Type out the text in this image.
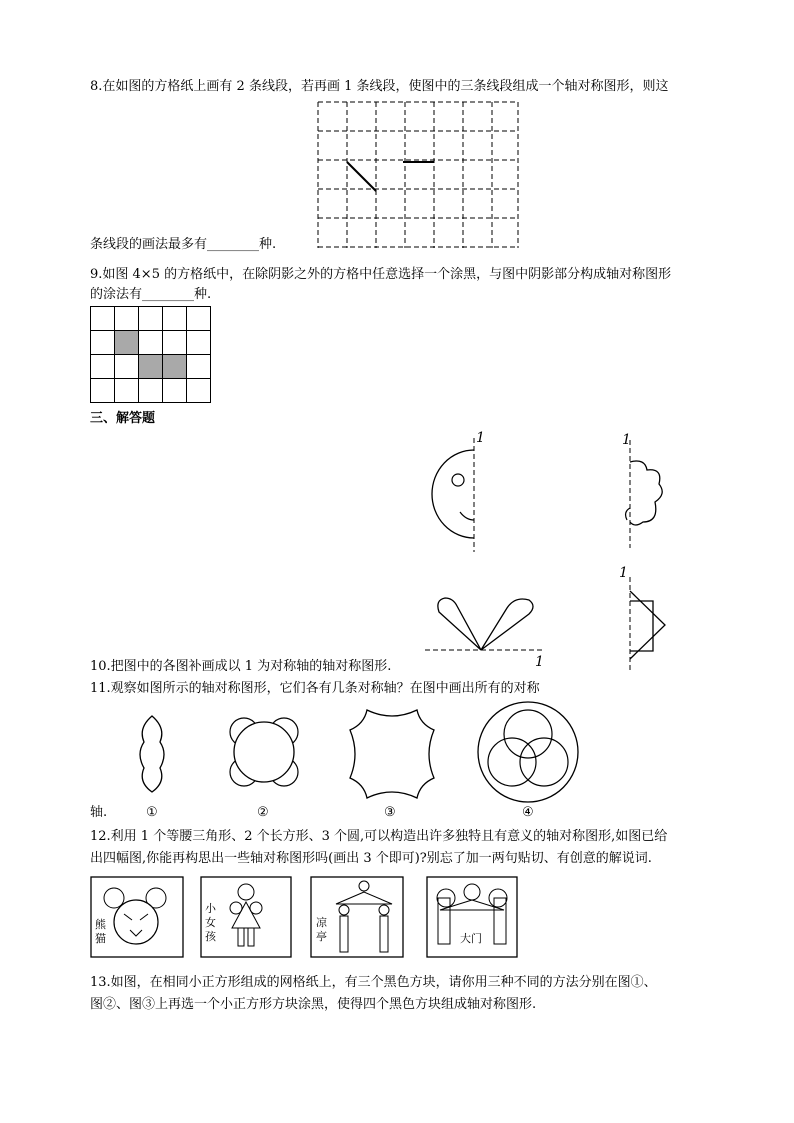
8.在如图的方格纸上画有 2 条线段，若再画 1 条线段，使图中的三条线段组成一个轴对称图形，则这
条线段的画法最多有________种.
9.如图 4×5 的方格纸中，在除阴影之外的方格中任意选择一个涂黑，与图中阴影部分构成轴对称图形
的涂法有________种.

三、解答题
1	1
1
1
10.把图中的各图补画成以 1 为对称轴的轴对称图形.
11.观察如图所示的轴对称图形，它们各有几条对称轴？在图中画出所有的对称
轴.	①	②	③	④
12.利用 1 个等腰三角形、2 个长方形、3 个圆,可以构造出许多独特且有意义的轴对称图形,如图已给
出四幅图,你能再构思出一些轴对称图形吗(画出 3 个即可)?别忘了加一两句贴切、有创意的解说词.
熊
猫
小
女
孩
凉
亭	大门
13.如图，在相同小正方形组成的网格纸上，有三个黑色方块，请你用三种不同的方法分别在图①、
图②、图③上再选一个小正方形方块涂黑，使得四个黑色方块组成轴对称图形.
